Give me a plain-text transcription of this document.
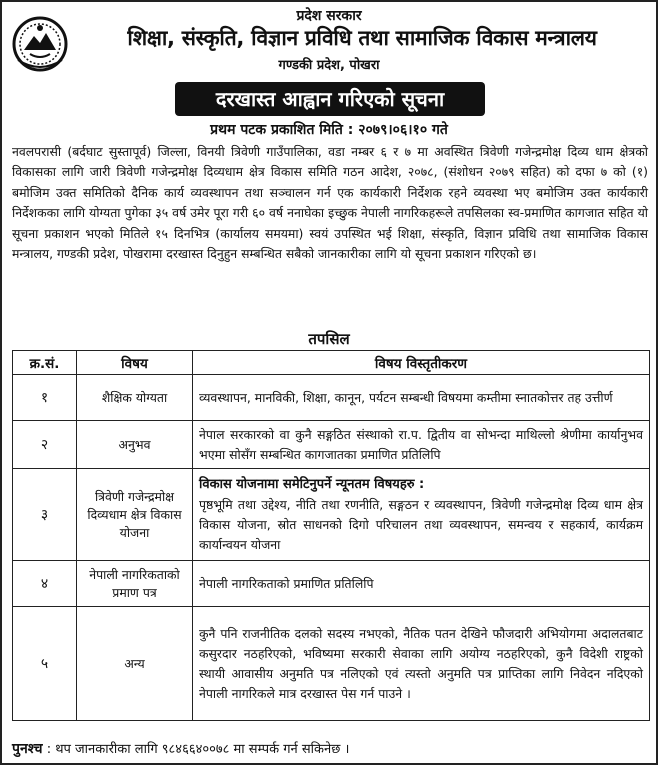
प्रदेश सरकार
शिक्षा, संस्कृति, विज्ञान प्रविधि तथा सामाजिक विकास मन्त्रालय
गण्डकी प्रदेश, पोखरा
दरखास्त आह्वान गरिएको सूचना
प्रथम पटक प्रकाशित मिति : २०७९।०६।१० गते
नवलपरासी (बर्दघाट सुस्तापूर्व) जिल्ला, विनयी त्रिवेणी गाउँपालिका, वडा नम्बर ६ र ७ मा अवस्थित त्रिवेणी गजेन्द्रमोक्ष दिव्य धाम क्षेत्रको विकासका लागि जारी त्रिवेणी गजेन्द्रमोक्ष दिव्यधाम क्षेत्र विकास समिति गठन आदेश, २०७८, (संशोधन २०७९ सहित) को दफा ७ को (१) बमोजिम उक्त समितिको दैनिक कार्य व्यवस्थापन तथा सञ्चालन गर्न एक कार्यकारी निर्देशक रहने व्यवस्था भए बमोजिम उक्त कार्यकारी निर्देशकका लागि योग्यता पुगेका ३५ वर्ष उमेर पूरा गरी ६० वर्ष ननाघेका इच्छुक नेपाली नागरिकहरूले तपसिलका स्व-प्रमाणित कागजात सहित यो सूचना प्रकाशन भएको मितिले १५ दिनभित्र (कार्यालय समयमा) स्वयं उपस्थित भई शिक्षा, संस्कृति, विज्ञान प्रविधि तथा सामाजिक विकास मन्त्रालय, गण्डकी प्रदेश, पोखरामा दरखास्त दिनुहुन सम्बन्धित सबैको जानकारीका लागि यो सूचना प्रकाशन गरिएको छ।
तपसिल
क्र.सं.	विषय	विषय विस्तृतीकरण
१	शैक्षिक योग्यता	व्यवस्थापन, मानविकी, शिक्षा, कानून, पर्यटन सम्बन्धी विषयमा कम्तीमा स्नातकोत्तर तह उत्तीर्ण
२	अनुभव	नेपाल सरकारको वा कुनै सङ्गठित संस्थाको रा.प. द्वितीय वा सोभन्दा माथिल्लो श्रेणीमा कार्यानुभव भएमा सोसँग सम्बन्धित कागजातका प्रमाणित प्रतिलिपि
३	त्रिवेणी गजेन्द्रमोक्ष दिव्यधाम क्षेत्र विकास योजना	विकास योजनामा समेटिनुपर्ने न्यूनतम विषयहरु :
पृष्ठभूमि तथा उद्देश्य, नीति तथा रणनीति, सङ्गठन र व्यवस्थापन, त्रिवेणी गजेन्द्रमोक्ष दिव्य धाम क्षेत्र विकास योजना, स्रोत साधनको दिगो परिचालन तथा व्यवस्थापन, समन्वय र सहकार्य, कार्यक्रम कार्यान्वयन योजना

४	नेपाली नागरिकताको प्रमाण पत्र	नेपाली नागरिकताको प्रमाणित प्रतिलिपि
५	अन्य	कुनै पनि राजनीतिक दलको सदस्य नभएको, नैतिक पतन देखिने फौजदारी अभियोगमा अदालतबाट कसुरदार नठहरिएको, भविष्यमा सरकारी सेवाका लागि अयोग्य नठहरिएको, कुनै विदेशी राष्ट्रको स्थायी आवासीय अनुमति पत्र नलिएको एवं त्यस्तो अनुमति पत्र प्राप्तिका लागि निवेदन नदिएको नेपाली नागरिकले मात्र दरखास्त पेस गर्न पाउने ।
पुनश्च : थप जानकारीका लागि ९८४६६४००७८ मा सम्पर्क गर्न सकिनेछ ।
